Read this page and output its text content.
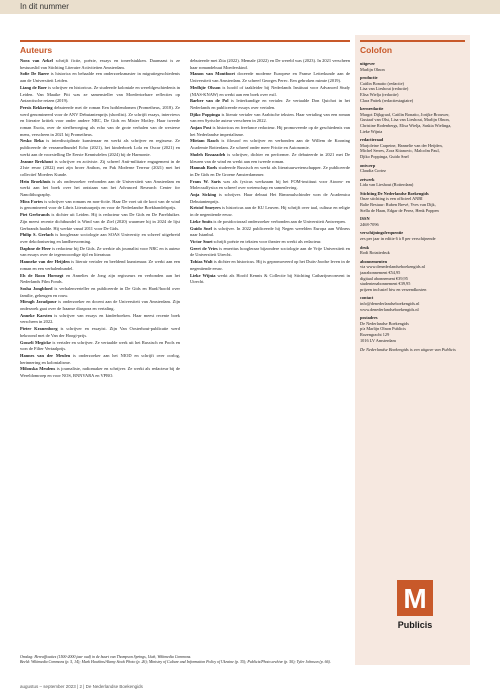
In dit nummer
Auteurs

Nora van Arkel schrijft fictie, poëzie, essays en toneelstukken. Daarnaast is ze bestuurslid van Stichting Literaire Activiteiten Amsterdam.

Sofie De Baere is historica en behaalde een onderzoeksmaster in migratiegeschiedenis aan de Universiteit Leiden.

Liang de Boer is schrijver en historicus. Ze studeerde koloniale en wereldgeschiedenis in Leiden. Van Maaike Pitt was ze samensteller van Moedertorbare reflecties op Antarctische reizen (2019).

Persis Bekkering debuteerde met de roman Een hoiblendomen (Prometheus, 2018). Ze werd genomineerd voor de ANV Debutantenprijs (shortlist). Ze schrijft essays, interviews en literaire kritiek voor onder andere NRC, De Gids en Mister Motley. Haar tweede roman Exota, over de sterfbeweging als echo van de grote verhalen van de westerse mens, verscheen in 2021 bij Prometheus.

Nesko Beka is interdisciplinair kunstenaar en werkt als schrijver en regisseur. Ze publiceerde de verzamelbundel Echo (2021), het kinderboek Lola en Oscar (2021) en werkt aan de voorstelling De Eerste Kennisdelen (2024) bij de Harmonie.

Jeanne Brekhout is schrijver en activiste. Zij schreef Anti-militaire engagement in de 21ste eeuw (2022) met zijn broer Anthon, en Pak Moderne Terreur (2021) met het collectief Moeders Kunde.

Hein Broekhuis is als onderzoeker verbonden aan de Universiteit van Amsterdam en werkt aan het boek over het ontstaan van het Advanced Research Center for Nanolithography.

Mira Fortes is schrijver van romans en non-fictie. Haar De voet uit de kooi van de wind is genomineerd voor de Libris Literatuurprijs en voor de Nederlandse Boekhandelsprijs.

Piet Gerbrands is dichter uit Leiden. Hij is redacteur van De Gids en De Parelduiker. Zijn meest recente dichtbundel is Wind van de Ziel (2020) waarmee hij in 2024 de lijst Gerbrands haalde. Hij werkte vanaf 2011 voor De Gids.

Philip S. Gerlach is hoogleraar sociologie aan SOAS University en schreef uitgebreid over dekolonisering en landhervorming.

Daphne de Heer is redacteur bij De Gids. Ze werkte als journalist voor NRC en is auteur van essays over de tegenwoordige tijd en literatuur.

Hanneke van der Heijden is literair vertaler en beeldend kunstenaar. Ze werkt aan een roman en een verhalenbundel.

Eh de Roon Hornegt en Annelies de Jong zijn regisseurs en verbonden aan het Nederlands Film Fonds.

Sosha Jongbloed is verhalenverteller en publiceerde in De Gids en Hard//hoofd over familie, geheugen en rouw.

Mirugh Javadpour is onderzoeker en docent aan de Universiteit van Amsterdam. Zijn onderzoek gaat over de Iraanse diaspora en vertaling.

Anneke Karsten is schrijver van essays en kinderboeken. Haar meest recente boek verscheen in 2022.

Pieter Kranenborg is schrijver en essayist. Zijn Van Oosterhout-publicatie werd bekroond met de Van der Hoogt-prijs.

Gosseli Megicke is vertaler en schrijver. Ze vertaalde werk uit het Russisch en Pools en won de Filter Vertaalprijs.

Hannes van der Meulen is onderzoeker aan het NIOD en schrijft over oorlog, herinnering en kolonialisme.

Milouska Meulens is journaliste, radiomaker en schrijver. Ze werkt als redacteur bij de Wereldomroep en voor NOS, BNNVARA en VPRO.

debuteerde met Zita (2022). Memale (2022) en De wereld was (2023). In 2021 verscheen haar romandebuut Moederskind.

Manon van Montfoort doceerde moderne Europese en Franse Letterkunde aan de Universiteit van Amsterdam. Ze schreef Georges Perec. Een gebroken ruimte (2019).

Medhjie Olsson is hoofd of taakleider bij Nederlands Instituut voor Advanced Study (NIAS-KNAW) en werkt aan een boek over exil.

Barber van de Pol is letterkundige en vertaler. Ze vertaalde Don Quichot in het Nederlands en publiceerde essays over vertalen.

Djiko Poppinga is literair vertaler van Arabische teksten. Haar vertaling van een roman van een Syrische auteur verscheen in 2022.

Anjan Post is historicus en freelance redacteur. Hij promoveerde op de geschiedenis van het Nederlandse imperialisme.

Miriam Rasch is filosoof en schrijver en verbonden aan de Willem de Kooning Academie Rotterdam. Ze schreef onder meer Frictie en Autonomie.

Sholeh Rezazadeh is schrijver, dichter en performer. Ze debuteerde in 2021 met De kleuren van de wind en werkt aan een tweede roman.

Hannah Roels studeerde Russisch en werkt als literatuurwetenschapper. Ze publiceerde in De Gids en De Groene Amsterdammer.

Frans W. Saris was als fysicus werkzaam bij het FOM-instituut voor Atoom- en Molecuulfysica en schreef over wetenschap en samenleving.

Anja Sicking is schrijver. Haar debuut Het Rimsmulschinder won de Academica Debutantenprijs.

Kristof Smeyers is historicus aan de KU Leuven. Hij schrijft over taal, cultuur en religie in de negentiende eeuw.

Lieke Smits is de postdoctoraal onderzoeker verbonden aan de Universiteit Antwerpen.

Guido Snel is schrijver. In 2022 publiceerde hij Negen werelden Europa aan Wilness naar Istanbul.

Victor Smet schrijft poëzie en teksten voor theater en werkt als redacteur.

Geert de Vries is emeritus hoogleraar bijzondere sociologie aan de Vrije Universiteit en de Universiteit Utrecht.

Tobias Walt is dichter en historicus. Hij is gepromoveerd op het Duits-Joodse leven in de negentiende eeuw.

Lieke Wijnia werkt als Hoofd Kennis & Collectie bij Stichting Catharijneconvent in Utrecht.

Colofon

uitgever

Marlijn Olnon

productie

Caitlin Bonatto (redactie)

Lisa van Lieshout (redactie)

Elisa Wielja (redactie)

Clara Pattek (redactiestagiaire)

kernredactie

Margot Dijkgraaf, Caitlin Bonatto, Jorijke Brouwer,

Gustaaf van Olst, Lisa van Lieshout, Marlijn Olnon,

Christine Rodenbergs, Elisa Wielja, Saskia Wielinga,

Lieke Wijnia

redactieraad

Marjoleine Carpeine, Hannelie van der Heijden,

Michel Serres, Zora Kitanovic, Malcolm Paul,

Djiko Poppinga, Guido Snel

ontwerp

Claudia Cortez

zetwerk

Lida van Lieshout (Rotterdam)

Stichting De Nederlandse Boekengids

Onze stichting is een officieel ANBI

Balie Bestuur: Ruben Brevé, Yves van Dijk,

Stella de Haan, Edgar de Perez, Henk Poppen

ISSN

2468-7096

verschijningsfrequentie

zes per jaar in editie 6 à 8 per verschijnende

druk

Rodi Rotatiedruk

abonnementen

via www.denederlandseboekengids.nl

jaarabonnement €54,95

digitaal abonnement €39,95

studentenabonnement €39,95

prijzen inclusief btw en verzendkosten

contact

info@denederlandseboekengids.nl

www.denederlandseboekengids.nl

postadres

De Nederlandse Boekengids

p/a Marlijn Olnon Publicis

Rozengracht 129

1016 LV Amsterdam

De Nederlandse Boekengids is een uitgave van Publicis

M
Publicis

Omslag: Hereaffixaties (1500-2000 jaar oud) in de buurt van Thompson Springs, Utah, Wikimedia Commons.

Beeld: Wikimedia Commons (p. 5, 14); Mark Hawkins/Alamy Stock Photo (p. 26); Ministry of Culture and Information Policy of Ukraine (p. 35); Publicis/Photo archive (p. 50); Tyler Johnson (p. 66).

augustus – september 2023 | 2 | De Nederlandse Boekengids
